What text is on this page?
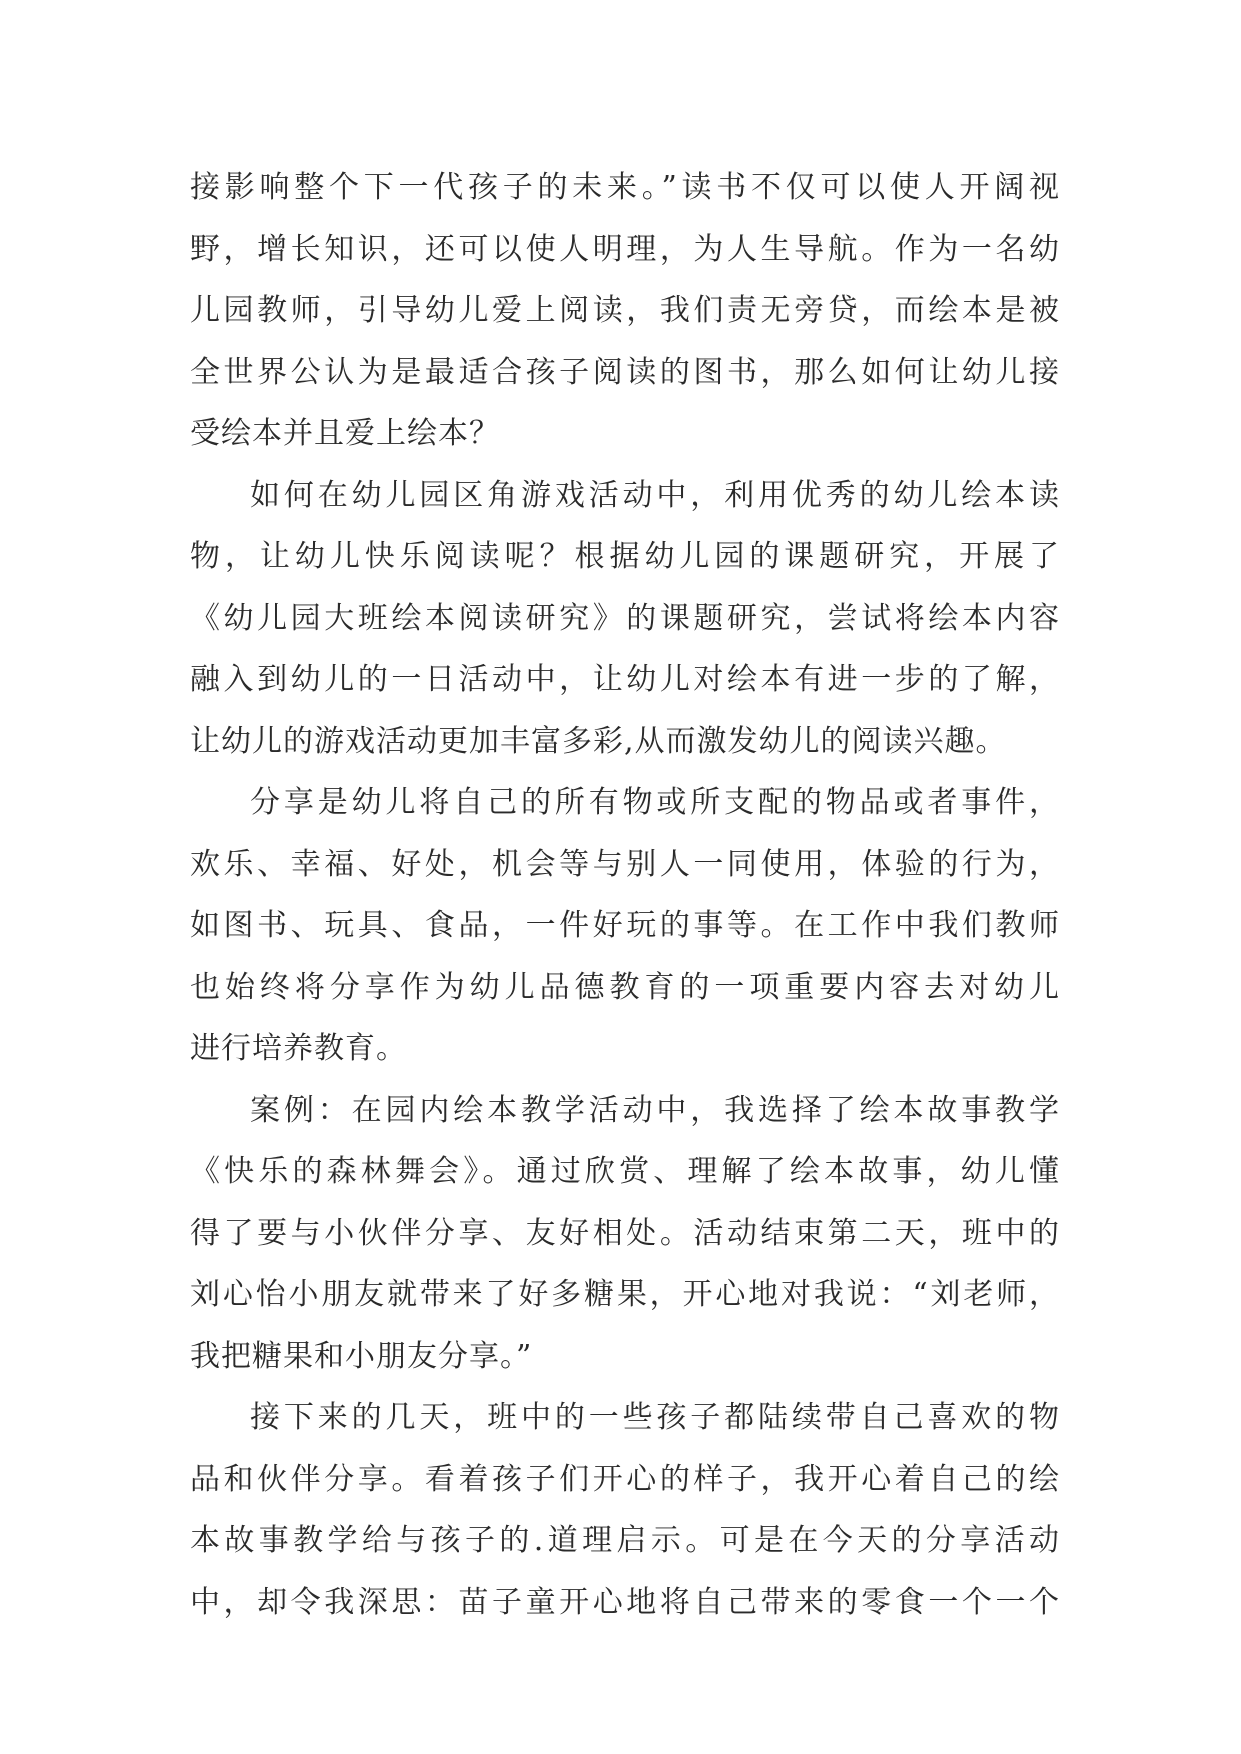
接影响整个下一代孩子的未来。”读书不仅可以使人开阔视
野，增长知识，还可以使人明理，为人生导航。作为一名幼
儿园教师，引导幼儿爱上阅读，我们责无旁贷，而绘本是被
全世界公认为是最适合孩子阅读的图书，那么如何让幼儿接
受绘本并且爱上绘本？
如何在幼儿园区角游戏活动中，利用优秀的幼儿绘本读
物，让幼儿快乐阅读呢？根据幼儿园的课题研究，开展了
《幼儿园大班绘本阅读研究》的课题研究，尝试将绘本内容
融入到幼儿的一日活动中，让幼儿对绘本有进一步的了解，
让幼儿的游戏活动更加丰富多彩,从而激发幼儿的阅读兴趣。
分享是幼儿将自己的所有物或所支配的物品或者事件，
欢乐、幸福、好处，机会等与别人一同使用，体验的行为，
如图书、玩具、食品，一件好玩的事等。在工作中我们教师
也始终将分享作为幼儿品德教育的一项重要内容去对幼儿
进行培养教育。
案例：在园内绘本教学活动中，我选择了绘本故事教学
《快乐的森林舞会》。通过欣赏、理解了绘本故事，幼儿懂
得了要与小伙伴分享、友好相处。活动结束第二天，班中的
刘心怡小朋友就带来了好多糖果，开心地对我说：“刘老师，
我把糖果和小朋友分享。”
接下来的几天，班中的一些孩子都陆续带自己喜欢的物
品和伙伴分享。看着孩子们开心的样子，我开心着自己的绘
本故事教学给与孩子的.道理启示。可是在今天的分享活动
中，却令我深思：苗子童开心地将自己带来的零食一个一个
